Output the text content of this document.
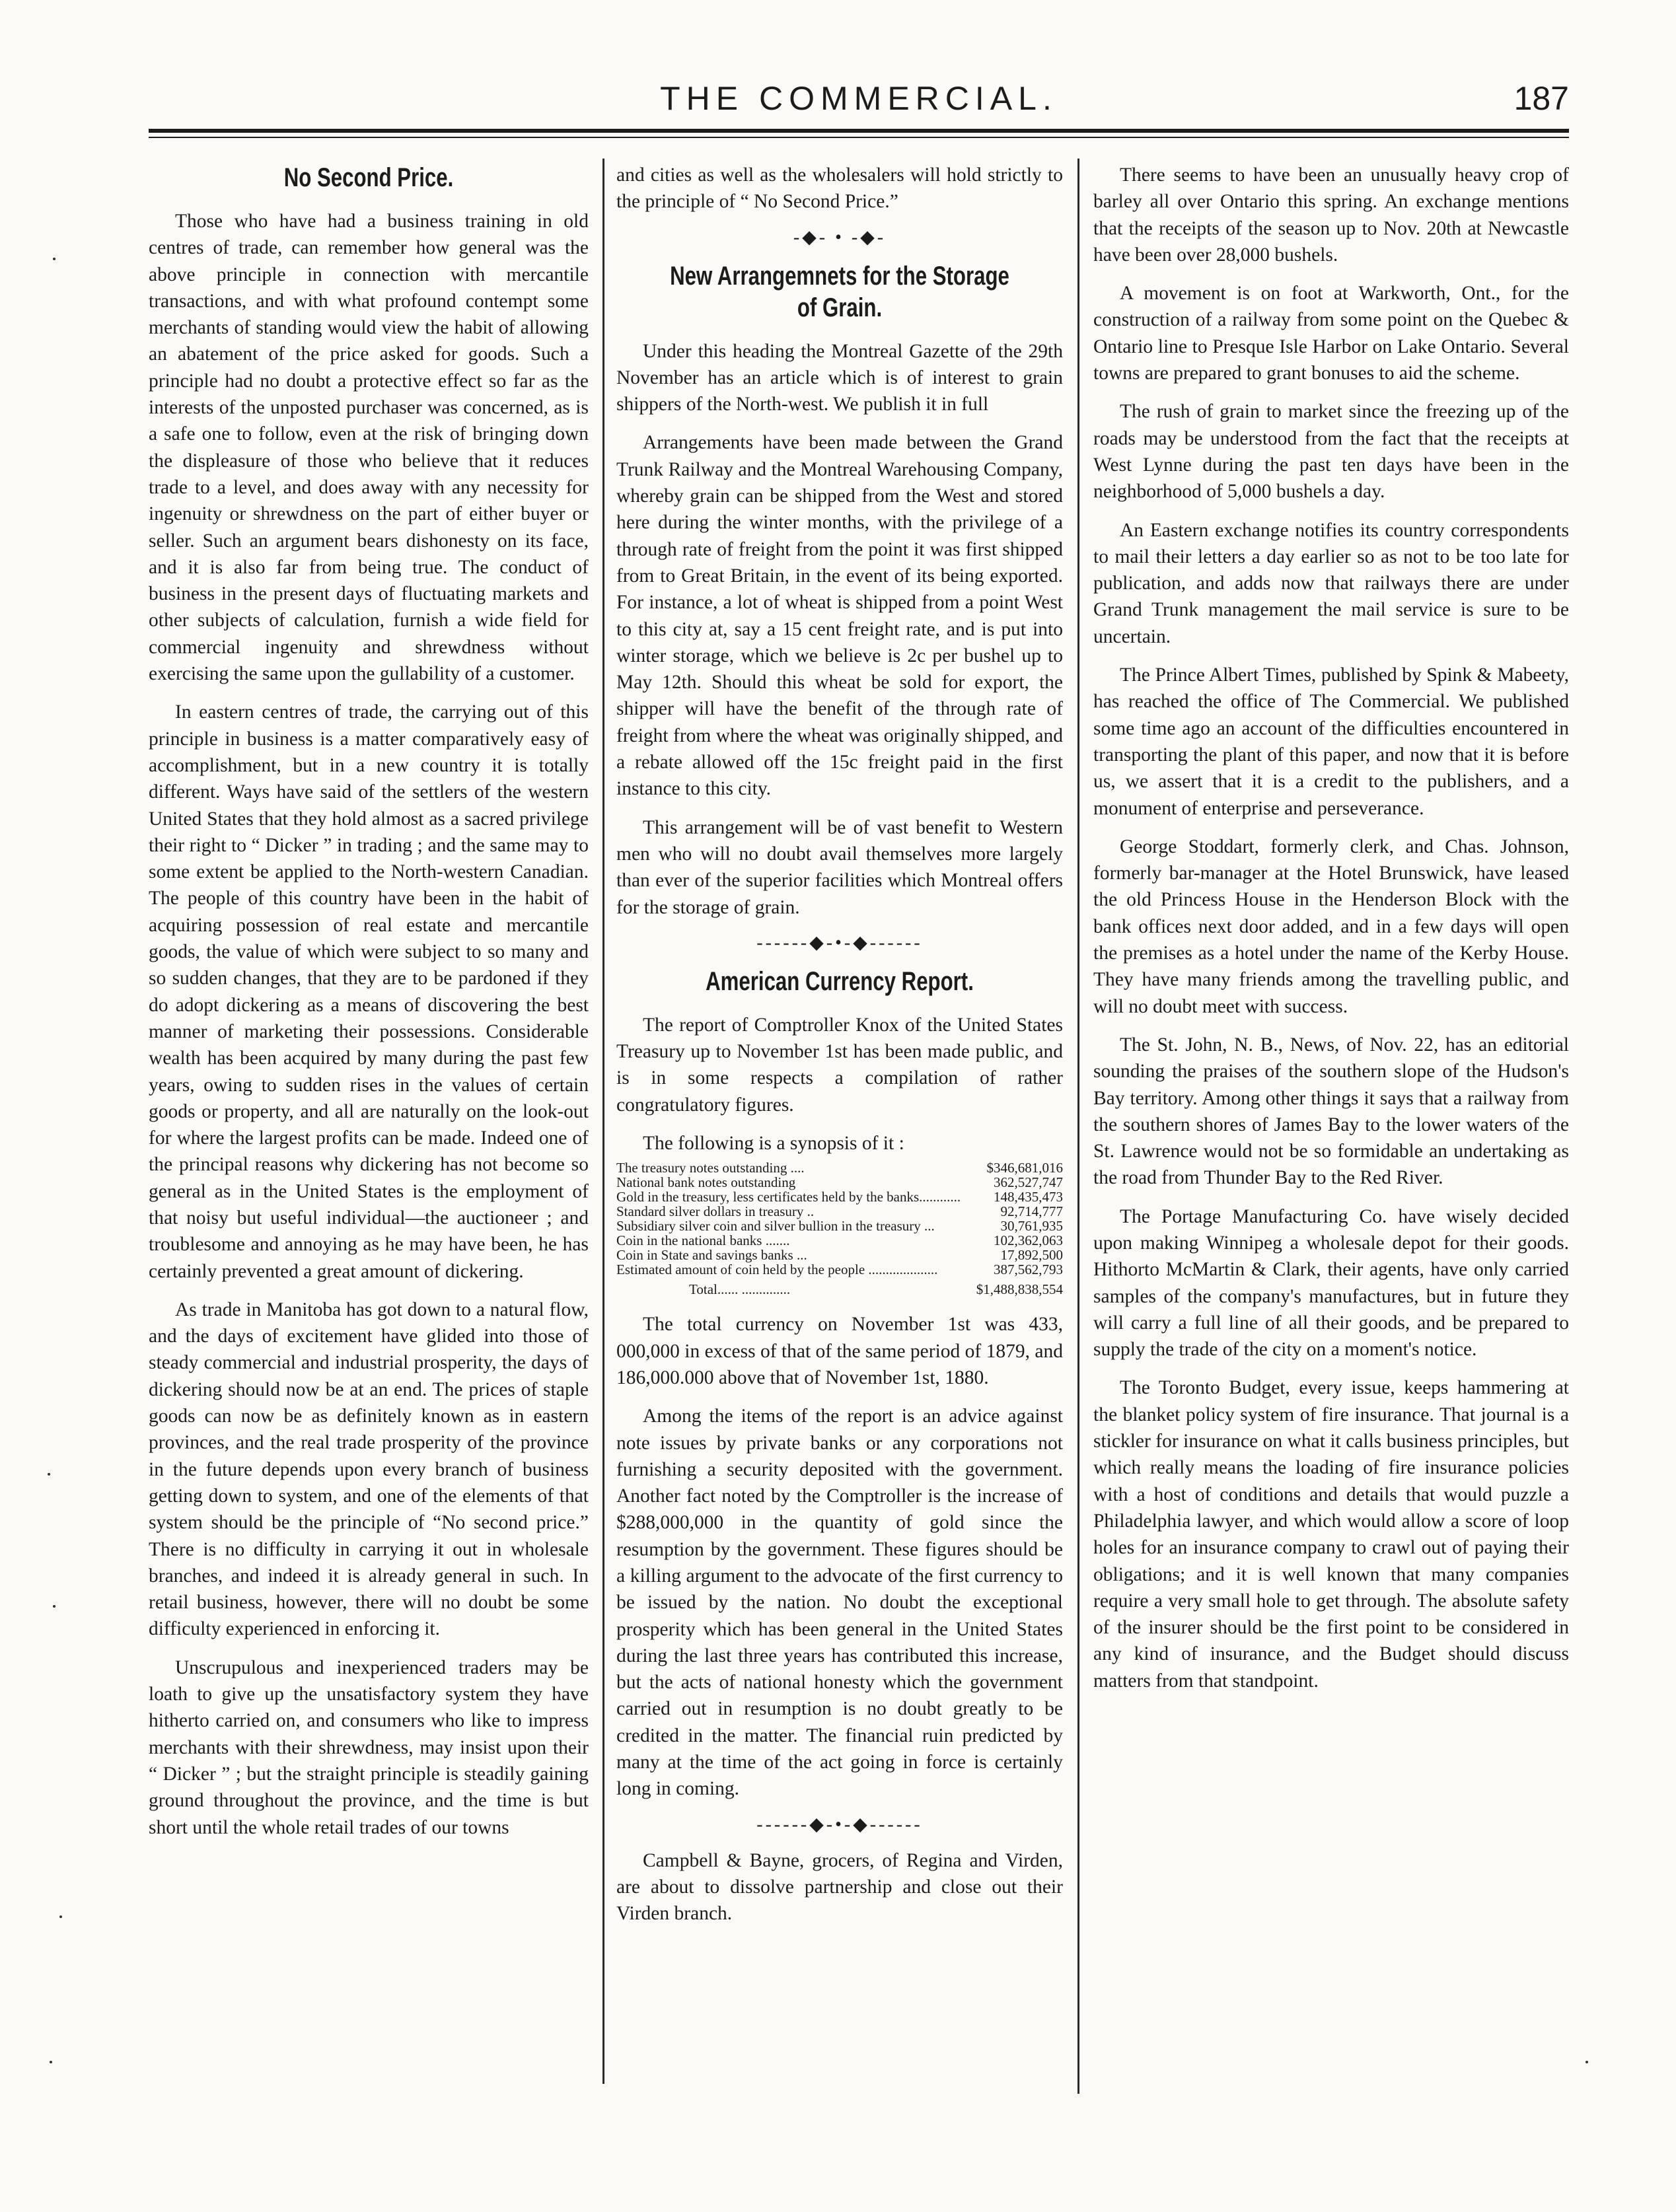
THE COMMERCIAL.	187
No Second Price.

Those who have had a business training in old centres of trade, can remember how general was the above principle in connection with mercantile transactions, and with what profound contempt some merchants of standing would view the habit of allowing an abatement of the price asked for goods. Such a principle had no doubt a protective effect so far as the interests of the unposted purchaser was concerned, as is a safe one to follow, even at the risk of bringing down the displeasure of those who believe that it reduces trade to a level, and does away with any necessity for ingenuity or shrewdness on the part of either buyer or seller. Such an argument bears dishonesty on its face, and it is also far from being true. The conduct of business in the present days of fluctuating markets and other subjects of calculation, furnish a wide field for commercial ingenuity and shrewdness without exercising the same upon the gullability of a customer.

In eastern centres of trade, the carrying out of this principle in business is a matter comparatively easy of accomplishment, but in a new country it is totally different. Ways have said of the settlers of the western United States that they hold almost as a sacred privilege their right to “ Dicker ” in trading ; and the same may to some extent be applied to the North-western Canadian. The people of this country have been in the habit of acquiring possession of real estate and mercantile goods, the value of which were subject to so many and so sudden changes, that they are to be pardoned if they do adopt dickering as a means of discovering the best manner of marketing their possessions. Considerable wealth has been acquired by many during the past few years, owing to sudden rises in the values of certain goods or property, and all are naturally on the look-out for where the largest profits can be made. Indeed one of the principal reasons why dickering has not become so general as in the United States is the employment of that noisy but useful individual—the auctioneer ; and troublesome and annoying as he may have been, he has certainly prevented a great amount of dickering.

As trade in Manitoba has got down to a natural flow, and the days of excitement have glided into those of steady commercial and industrial prosperity, the days of dickering should now be at an end. The prices of staple goods can now be as definitely known as in eastern provinces, and the real trade prosperity of the province in the future depends upon every branch of business getting down to system, and one of the elements of that system should be the principle of “No second price.” There is no difficulty in carrying it out in wholesale branches, and indeed it is already general in such. In retail business, however, there will no doubt be some difficulty experienced in enforcing it.

Unscrupulous and inexperienced traders may be loath to give up the unsatisfactory system they have hitherto carried on, and consumers who like to impress merchants with their shrewdness, may insist upon their “ Dicker ” ; but the straight principle is steadily gaining ground throughout the province, and the time is but short until the whole retail trades of our towns

and cities as well as the wholesalers will hold strictly to the principle of “ No Second Price.”

-◆- • -◆-
New Arrangemnets for the Storage of Grain.

Under this heading the Montreal Gazette of the 29th November has an article which is of interest to grain shippers of the North-west. We publish it in full

Arrangements have been made between the Grand Trunk Railway and the Montreal Warehousing Company, whereby grain can be shipped from the West and stored here during the winter months, with the privilege of a through rate of freight from the point it was first shipped from to Great Britain, in the event of its being exported. For instance, a lot of wheat is shipped from a point West to this city at, say a 15 cent freight rate, and is put into winter storage, which we believe is 2c per bushel up to May 12th. Should this wheat be sold for export, the shipper will have the benefit of the through rate of freight from where the wheat was originally shipped, and a rebate allowed off the 15c freight paid in the first instance to this city.

This arrangement will be of vast benefit to Western men who will no doubt avail themselves more largely than ever of the superior facilities which Montreal offers for the storage of grain.

------◆-•-◆------
American Currency Report.

The report of Comptroller Knox of the United States Treasury up to November 1st has been made public, and is in some respects a compilation of rather congratulatory figures.

The following is a synopsis of it :

The treasury notes outstanding ....	$346,681,016
National bank notes outstanding	362,527,747
Gold in the treasury, less certificates held by the banks............	148,435,473
Standard silver dollars in treasury ..	92,714,777
Subsidiary silver coin and silver bullion in the treasury ...	30,761,935
Coin in the national banks .......	102,362,063
Coin in State and savings banks ...	17,892,500
Estimated amount of coin held by the people ....................	387,562,793
Total...... ..............	$1,488,838,554

The total currency on November 1st was 433, 000,000 in excess of that of the same period of 1879, and 186,000.000 above that of November 1st, 1880.

Among the items of the report is an advice against note issues by private banks or any corporations not furnishing a security deposited with the government. Another fact noted by the Comptroller is the increase of $288,000,000 in the quantity of gold since the resumption by the government. These figures should be a killing argument to the advocate of the first currency to be issued by the nation. No doubt the exceptional prosperity which has been general in the United States during the last three years has contributed this increase, but the acts of national honesty which the government carried out in resumption is no doubt greatly to be credited in the matter. The financial ruin predicted by many at the time of the act going in force is certainly long in coming.

------◆-•-◆------

Campbell & Bayne, grocers, of Regina and Virden, are about to dissolve partnership and close out their Virden branch.

There seems to have been an unusually heavy crop of barley all over Ontario this spring. An exchange mentions that the receipts of the season up to Nov. 20th at Newcastle have been over 28,000 bushels.

A movement is on foot at Warkworth, Ont., for the construction of a railway from some point on the Quebec & Ontario line to Presque Isle Harbor on Lake Ontario. Several towns are prepared to grant bonuses to aid the scheme.

The rush of grain to market since the freezing up of the roads may be understood from the fact that the receipts at West Lynne during the past ten days have been in the neighborhood of 5,000 bushels a day.

An Eastern exchange notifies its country correspondents to mail their letters a day earlier so as not to be too late for publication, and adds now that railways there are under Grand Trunk management the mail service is sure to be uncertain.

The Prince Albert Times, published by Spink & Mabeety, has reached the office of The Commercial. We published some time ago an account of the difficulties encountered in transporting the plant of this paper, and now that it is before us, we assert that it is a credit to the publishers, and a monument of enterprise and perseverance.

George Stoddart, formerly clerk, and Chas. Johnson, formerly bar-manager at the Hotel Brunswick, have leased the old Princess House in the Henderson Block with the bank offices next door added, and in a few days will open the premises as a hotel under the name of the Kerby House. They have many friends among the travelling public, and will no doubt meet with success.

The St. John, N. B., News, of Nov. 22, has an editorial sounding the praises of the southern slope of the Hudson's Bay territory. Among other things it says that a railway from the southern shores of James Bay to the lower waters of the St. Lawrence would not be so formidable an undertaking as the road from Thunder Bay to the Red River.

The Portage Manufacturing Co. have wisely decided upon making Winnipeg a wholesale depot for their goods. Hithorto McMartin & Clark, their agents, have only carried samples of the company's manufactures, but in future they will carry a full line of all their goods, and be prepared to supply the trade of the city on a moment's notice.

The Toronto Budget, every issue, keeps hammering at the blanket policy system of fire insurance. That journal is a stickler for insurance on what it calls business principles, but which really means the loading of fire insurance policies with a host of conditions and details that would puzzle a Philadelphia lawyer, and which would allow a score of loop holes for an insurance company to crawl out of paying their obligations; and it is well known that many companies require a very small hole to get through. The absolute safety of the insurer should be the first point to be considered in any kind of insurance, and the Budget should discuss matters from that standpoint.
